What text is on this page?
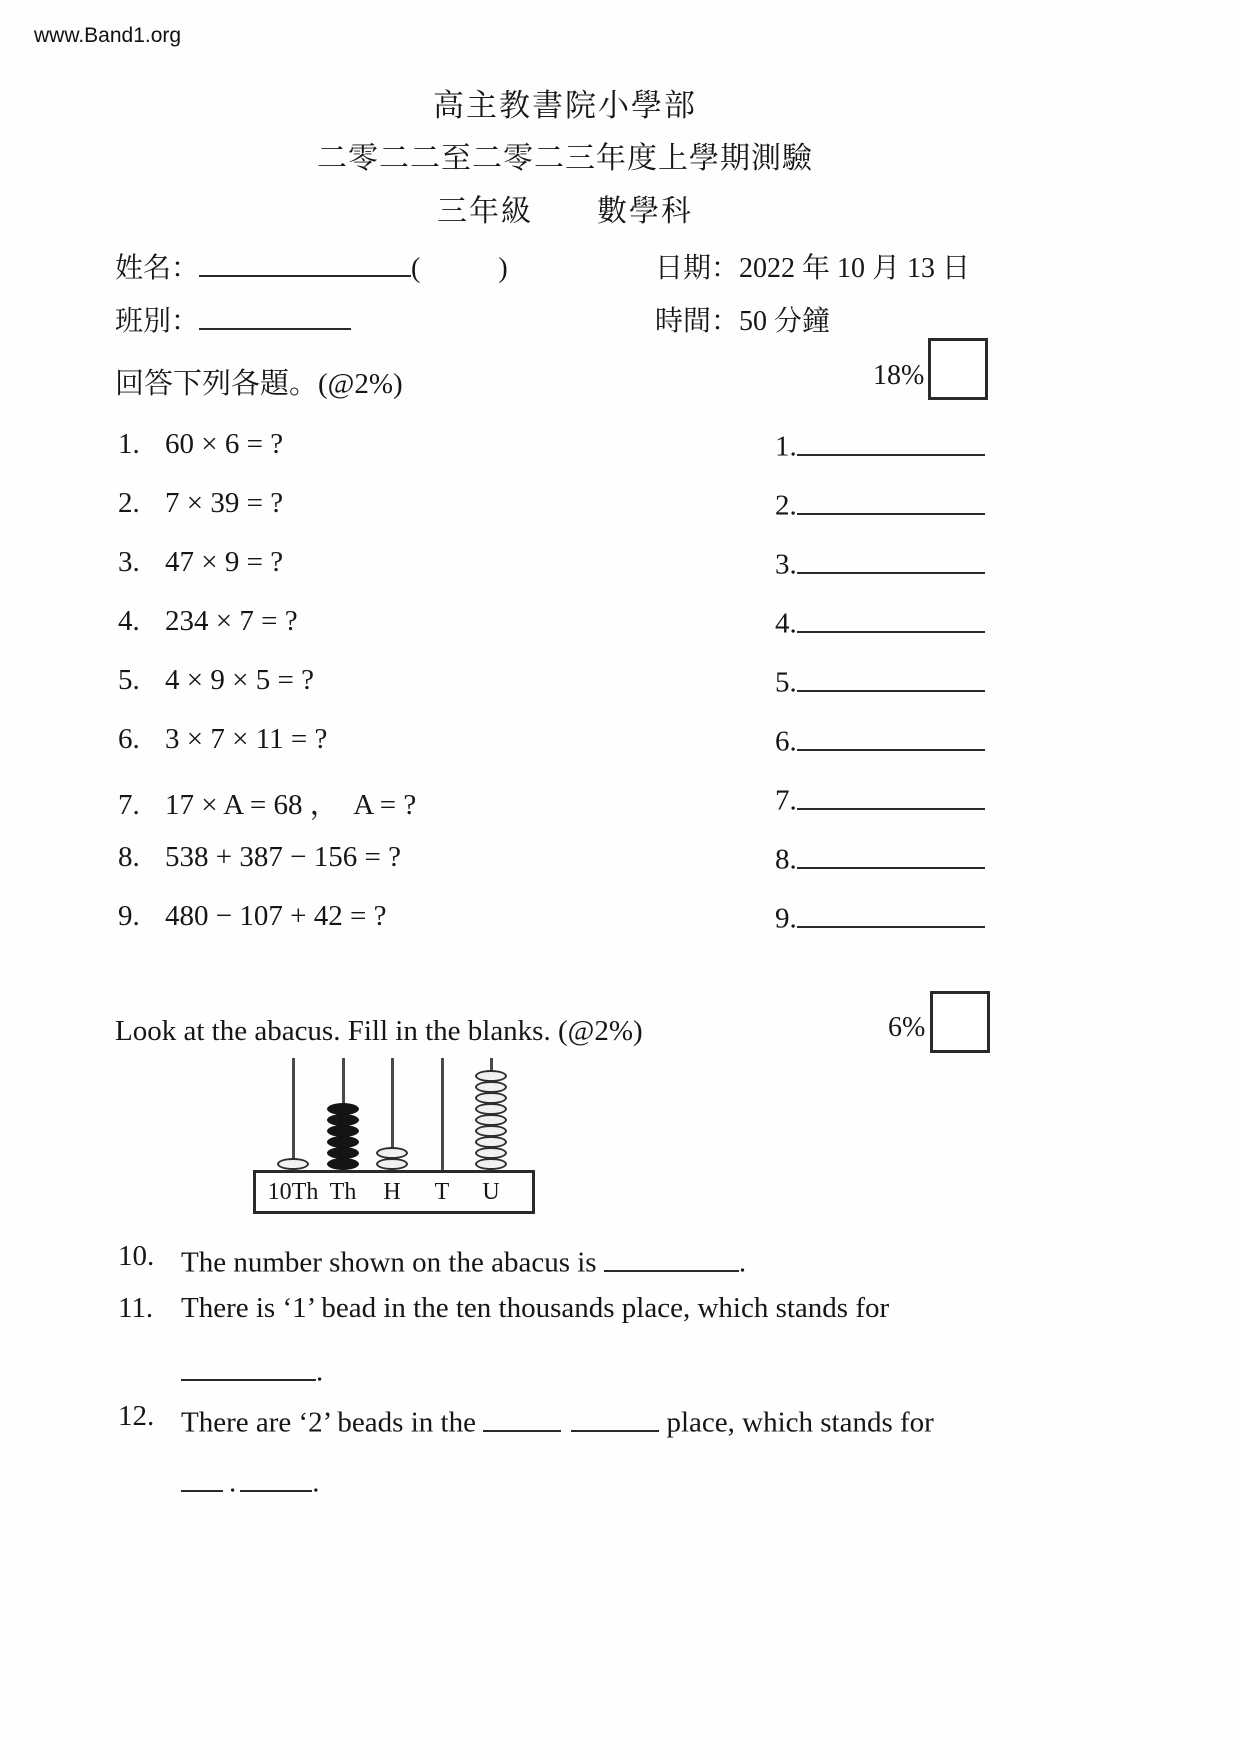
www.Band1.org
高主教書院小學部
二零二二至二零二三年度上學期測驗
三年級　　數學科
姓名：	(	)	日期：2022 年 10 月 13 日
班別：	時間：50 分鐘
回答下列各題。(@2%)	18%
1. 60 × 6 = ?	1.
2. 7 × 39 = ?	2.
3. 47 × 9 = ?	3.
4. 234 × 7 = ?	4.
5. 4 × 9 × 5 = ?	5.
6. 3 × 7 × 11 = ?	6.
7. 17 × A = 68 ，　A = ?	7.
8. 538 + 387 − 156 = ?	8.
9. 480 − 107 + 42 = ?	9.
Look at the abacus. Fill in the blanks. (@2%)	6%
10Th Th H T U
10. The number shown on the abacus is	.
11. There is ‘1’ bead in the ten thousands place, which stands for
.
12. There are ‘2’ beads in the	place, which stands for
.	.
